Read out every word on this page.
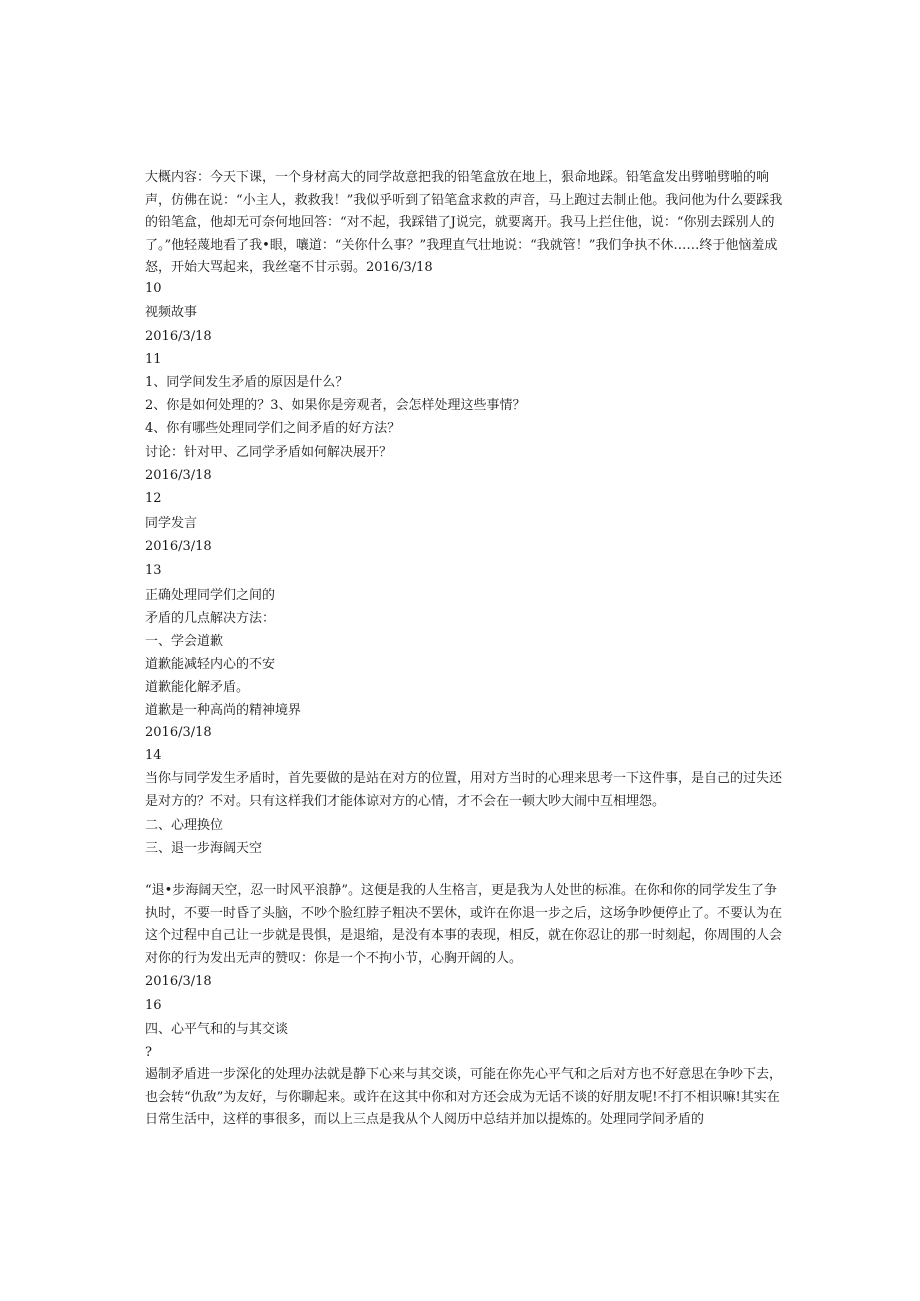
大概内容：今天下课，一个身材高大的同学故意把我的铅笔盒放在地上，狠命地踩。铅笔盒发出劈啪劈啪的响声，仿佛在说：“小主人，救救我！”我似乎听到了铅笔盒求救的声音，马上跑过去制止他。我问他为什么要踩我的铅笔盒，他却无可奈何地回答：“对不起，我踩错了J说完，就要离开。我马上拦住他，说：“你别去踩别人的了。”他轻蔑地看了我•眼，嚷道：“关你什么事？”我理直气壮地说：“我就管！”我们争执不休……终于他恼羞成怒，开始大骂起来，我丝毫不甘示弱。2016/3/18
10
视频故事
2016/3/18
11
1、同学间发生矛盾的原因是什么？
2、你是如何处理的？3、如果你是旁观者，会怎样处理这些事情？
4、你有哪些处理同学们之间矛盾的好方法？
讨论：针对甲、乙同学矛盾如何解决展开？
2016/3/18
12
同学发言
2016/3/18
13
正确处理同学们之间的
矛盾的几点解决方法：
一、学会道歉
道歉能减轻内心的不安
道歉能化解矛盾。
道歉是一种高尚的精神境界
2016/3/18
14
当你与同学发生矛盾时，首先要做的是站在对方的位置，用对方当时的心理来思考一下这件事，是自己的过失还是对方的？不对。只有这样我们才能体谅对方的心情，才不会在一顿大吵大闹中互相埋怨。
二、心理换位
三、退一步海阔天空
“退•步海阔天空，忍一时风平浪静”。这便是我的人生格言，更是我为人处世的标准。在你和你的同学发生了争执时，不要一时昏了头脑，不吵个脸红脖子粗决不罢休，或许在你退一步之后，这场争吵便停止了。不要认为在这个过程中自己让一步就是畏惧，是退缩，是没有本事的表现，相反，就在你忍让的那一时刻起，你周围的人会对你的行为发出无声的赞叹：你是一个不拘小节，心胸开阔的人。
2016/3/18
16
四、心平气和的与其交谈
?
遏制矛盾进一步深化的处理办法就是静下心来与其交谈，可能在你先心平气和之后对方也不好意思在争吵下去，也会转“仇敌”为友好，与你聊起来。或许在这其中你和对方还会成为无话不谈的好朋友呢!不打不相识嘛!其实在日常生活中，这样的事很多，而以上三点是我从个人阅历中总结并加以提炼的。处理同学间矛盾的
